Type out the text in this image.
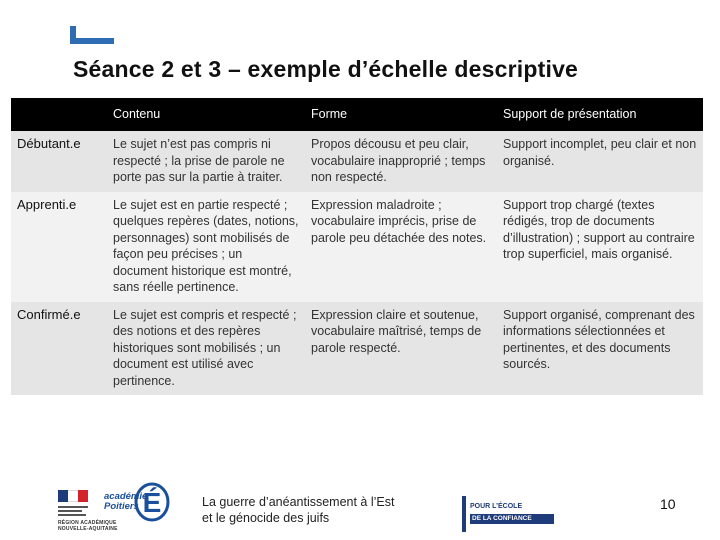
Séance 2 et 3 – exemple d’échelle descriptive
	Contenu	Forme	Support de présentation
Débutant.e	Le sujet n’est pas compris ni respecté ; la prise de parole ne porte pas sur la partie à traiter.	Propos décousu et peu clair, vocabulaire inapproprié ; temps non respecté.	Support incomplet, peu clair et non organisé.
Apprenti.e	Le sujet est en partie respecté ; quelques repères (dates, notions, personnages) sont mobilisés de façon peu précises ; un document historique est montré, sans réelle pertinence.	Expression maladroite ; vocabulaire imprécis, prise de parole peu détachée des notes.	Support trop chargé (textes rédigés, trop de documents d’illustration) ; support au contraire trop superficiel, mais organisé.
Confirmé.e	Le sujet est compris et respecté ; des notions et des repères historiques sont mobilisés ; un document est utilisé avec pertinence.	Expression claire et soutenue, vocabulaire maîtrisé, temps de parole respecté.	Support organisé, comprenant des informations sélectionnées et pertinentes, et des documents sourcés.
RÉGION ACADÉMIQUE
NOUVELLE-AQUITAINE
académie
Poitiers É	La guerre d’anéantissement à l’Est
et le génocide des juifs
POUR L’ÉCOLE
DE LA CONFIANCE
10
